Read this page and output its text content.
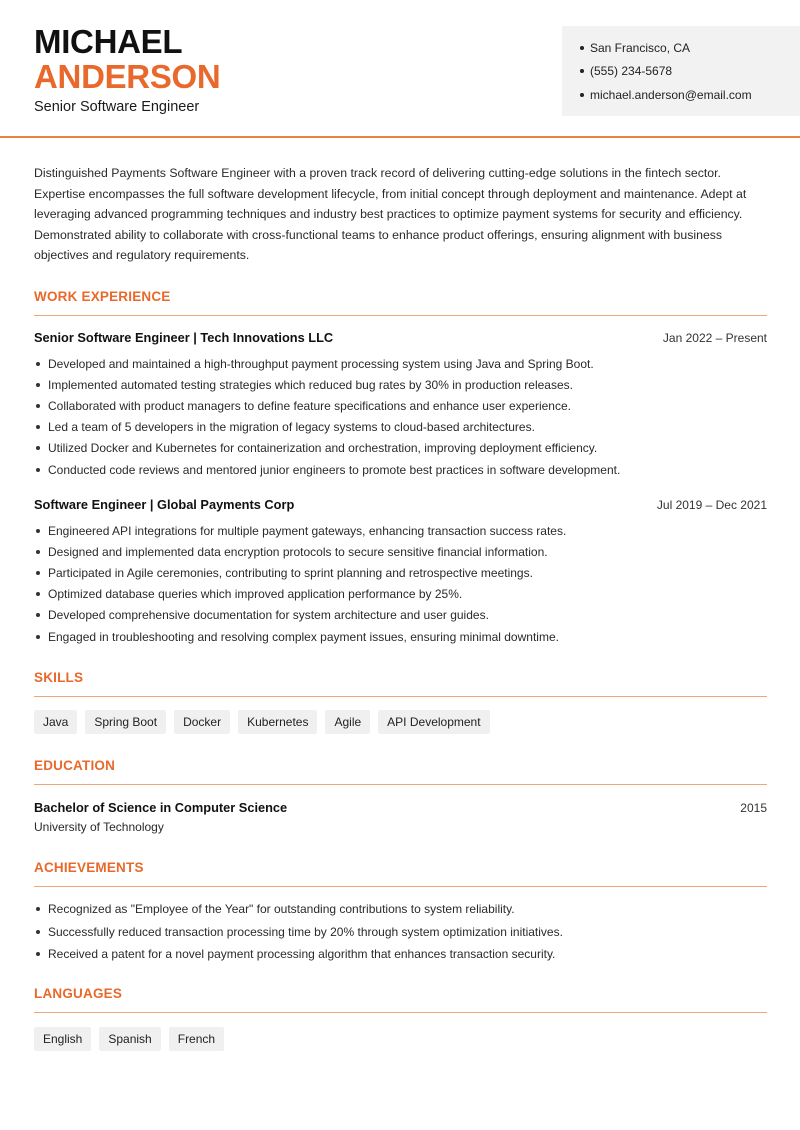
MICHAEL
ANDERSON
Senior Software Engineer
San Francisco, CA
(555) 234-5678
michael.anderson@email.com

Distinguished Payments Software Engineer with a proven track record of delivering cutting-edge solutions in the fintech sector. Expertise encompasses the full software development lifecycle, from initial concept through deployment and maintenance. Adept at leveraging advanced programming techniques and industry best practices to optimize payment systems for security and efficiency. Demonstrated ability to collaborate with cross-functional teams to enhance product offerings, ensuring alignment with business objectives and regulatory requirements.

WORK EXPERIENCE
Senior Software Engineer | Tech Innovations LLC	Jan 2022 – Present
Developed and maintained a high-throughput payment processing system using Java and Spring Boot.
Implemented automated testing strategies which reduced bug rates by 30% in production releases.
Collaborated with product managers to define feature specifications and enhance user experience.
Led a team of 5 developers in the migration of legacy systems to cloud-based architectures.
Utilized Docker and Kubernetes for containerization and orchestration, improving deployment efficiency.
Conducted code reviews and mentored junior engineers to promote best practices in software development.
Software Engineer | Global Payments Corp	Jul 2019 – Dec 2021
Engineered API integrations for multiple payment gateways, enhancing transaction success rates.
Designed and implemented data encryption protocols to secure sensitive financial information.
Participated in Agile ceremonies, contributing to sprint planning and retrospective meetings.
Optimized database queries which improved application performance by 25%.
Developed comprehensive documentation for system architecture and user guides.
Engaged in troubleshooting and resolving complex payment issues, ensuring minimal downtime.
SKILLS
Java	Spring Boot	Docker	Kubernetes	Agile	API Development
EDUCATION
Bachelor of Science in Computer Science	2015
University of Technology
ACHIEVEMENTS
Recognized as "Employee of the Year" for outstanding contributions to system reliability.
Successfully reduced transaction processing time by 20% through system optimization initiatives.
Received a patent for a novel payment processing algorithm that enhances transaction security.
LANGUAGES
English	Spanish	French
